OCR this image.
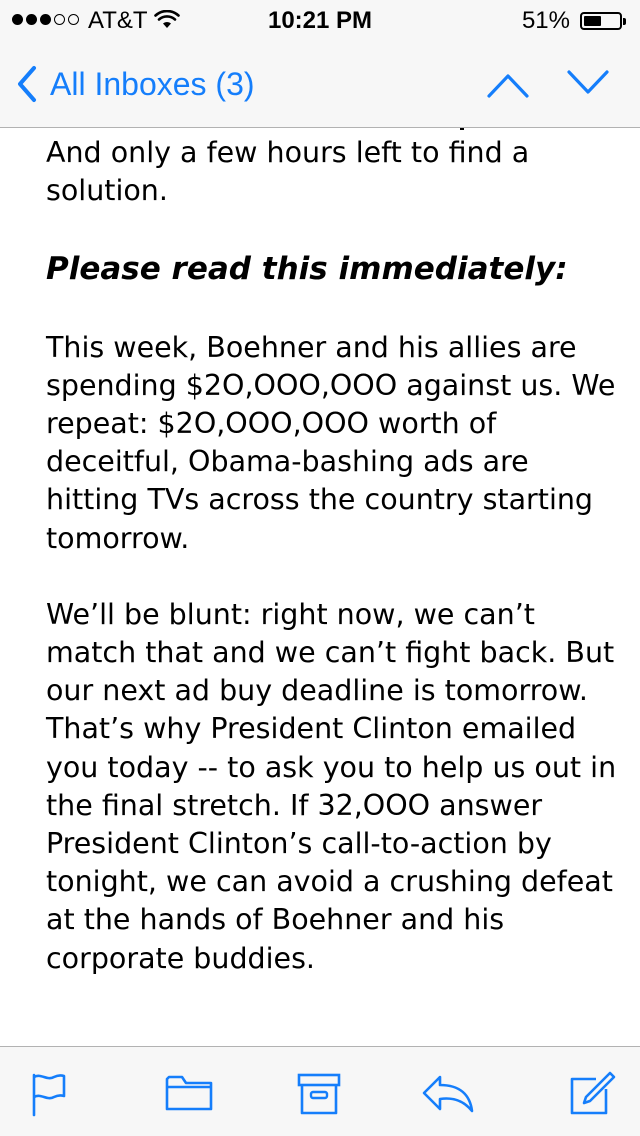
AT&T	10:21 PM	51%
All Inboxes (3)

And only a few hours left to find a solution.

Please read this immediately:

This week, Boehner and his allies are spending $2O,OOO,OOO against us. We repeat: $2O,OOO,OOO worth of deceitful, Obama-bashing ads are hitting TVs across the country starting tomorrow.

We’ll be blunt: right now, we can’t match that and we can’t fight back. But our next ad buy deadline is tomorrow. That’s why President Clinton emailed you today -- to ask you to help us out in the final stretch. If 32,OOO answer President Clinton’s call-to-action by tonight, we can avoid a crushing defeat at the hands of Boehner and his corporate buddies.
